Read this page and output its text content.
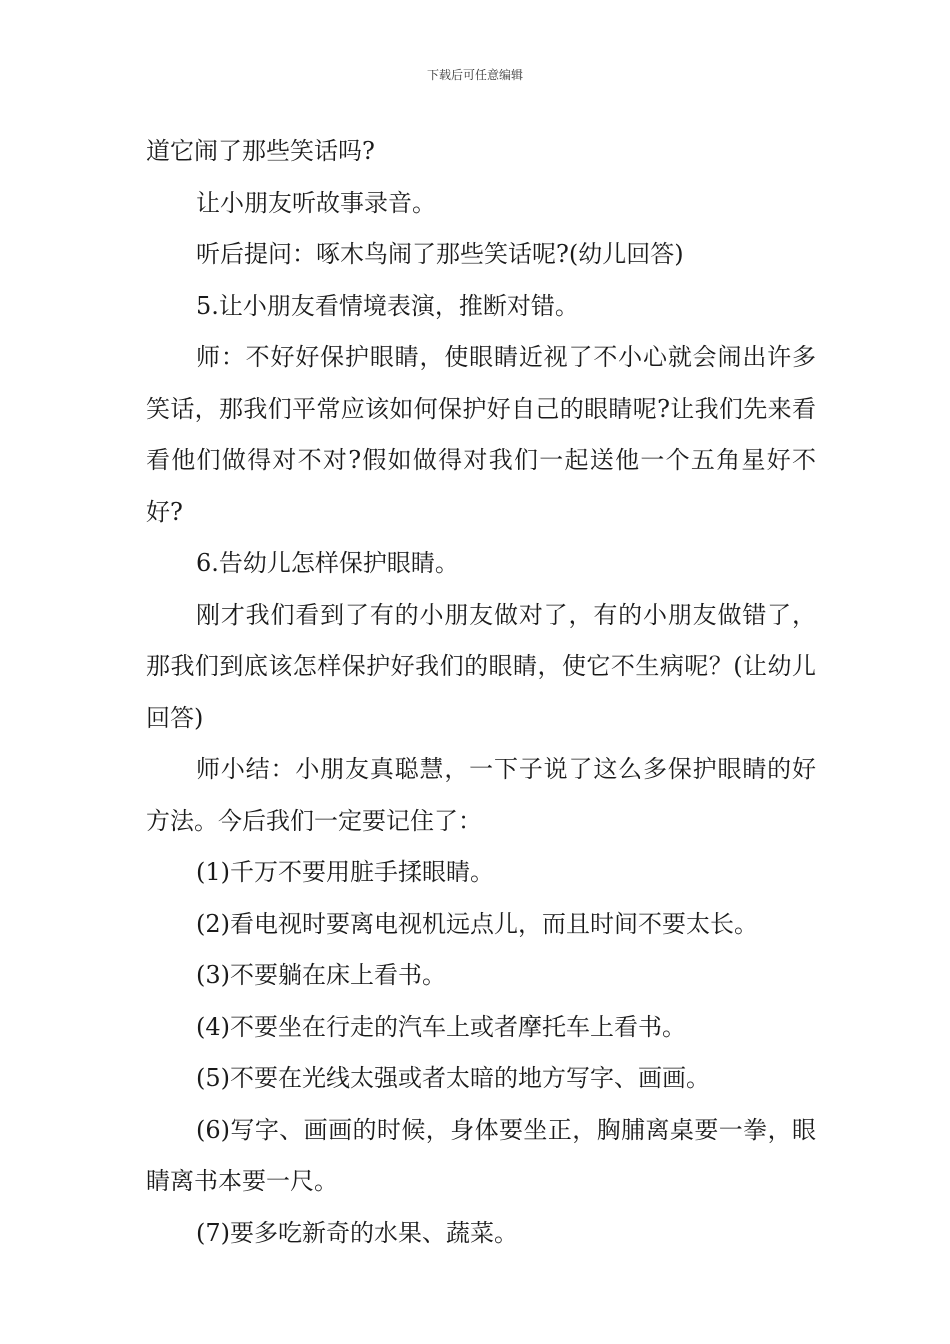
下载后可任意编辑

道它闹了那些笑话吗?

让小朋友听故事录音。

听后提问：啄木鸟闹了那些笑话呢?(幼儿回答)

5.让小朋友看情境表演，推断对错。

师：不好好保护眼睛，使眼睛近视了不小心就会闹出许多笑话，那我们平常应该如何保护好自己的眼睛呢?让我们先来看看他们做得对不对?假如做得对我们一起送他一个五角星好不好?

6.告幼儿怎样保护眼睛。

刚才我们看到了有的小朋友做对了，有的小朋友做错了，那我们到底该怎样保护好我们的眼睛，使它不生病呢？(让幼儿回答)

师小结：小朋友真聪慧，一下子说了这么多保护眼睛的好方法。今后我们一定要记住了：

(1)千万不要用脏手揉眼睛。

(2)看电视时要离电视机远点儿，而且时间不要太长。

(3)不要躺在床上看书。

(4)不要坐在行走的汽车上或者摩托车上看书。

(5)不要在光线太强或者太暗的地方写字、画画。

(6)写字、画画的时候，身体要坐正，胸脯离桌要一拳，眼睛离书本要一尺。

(7)要多吃新奇的水果、蔬菜。
